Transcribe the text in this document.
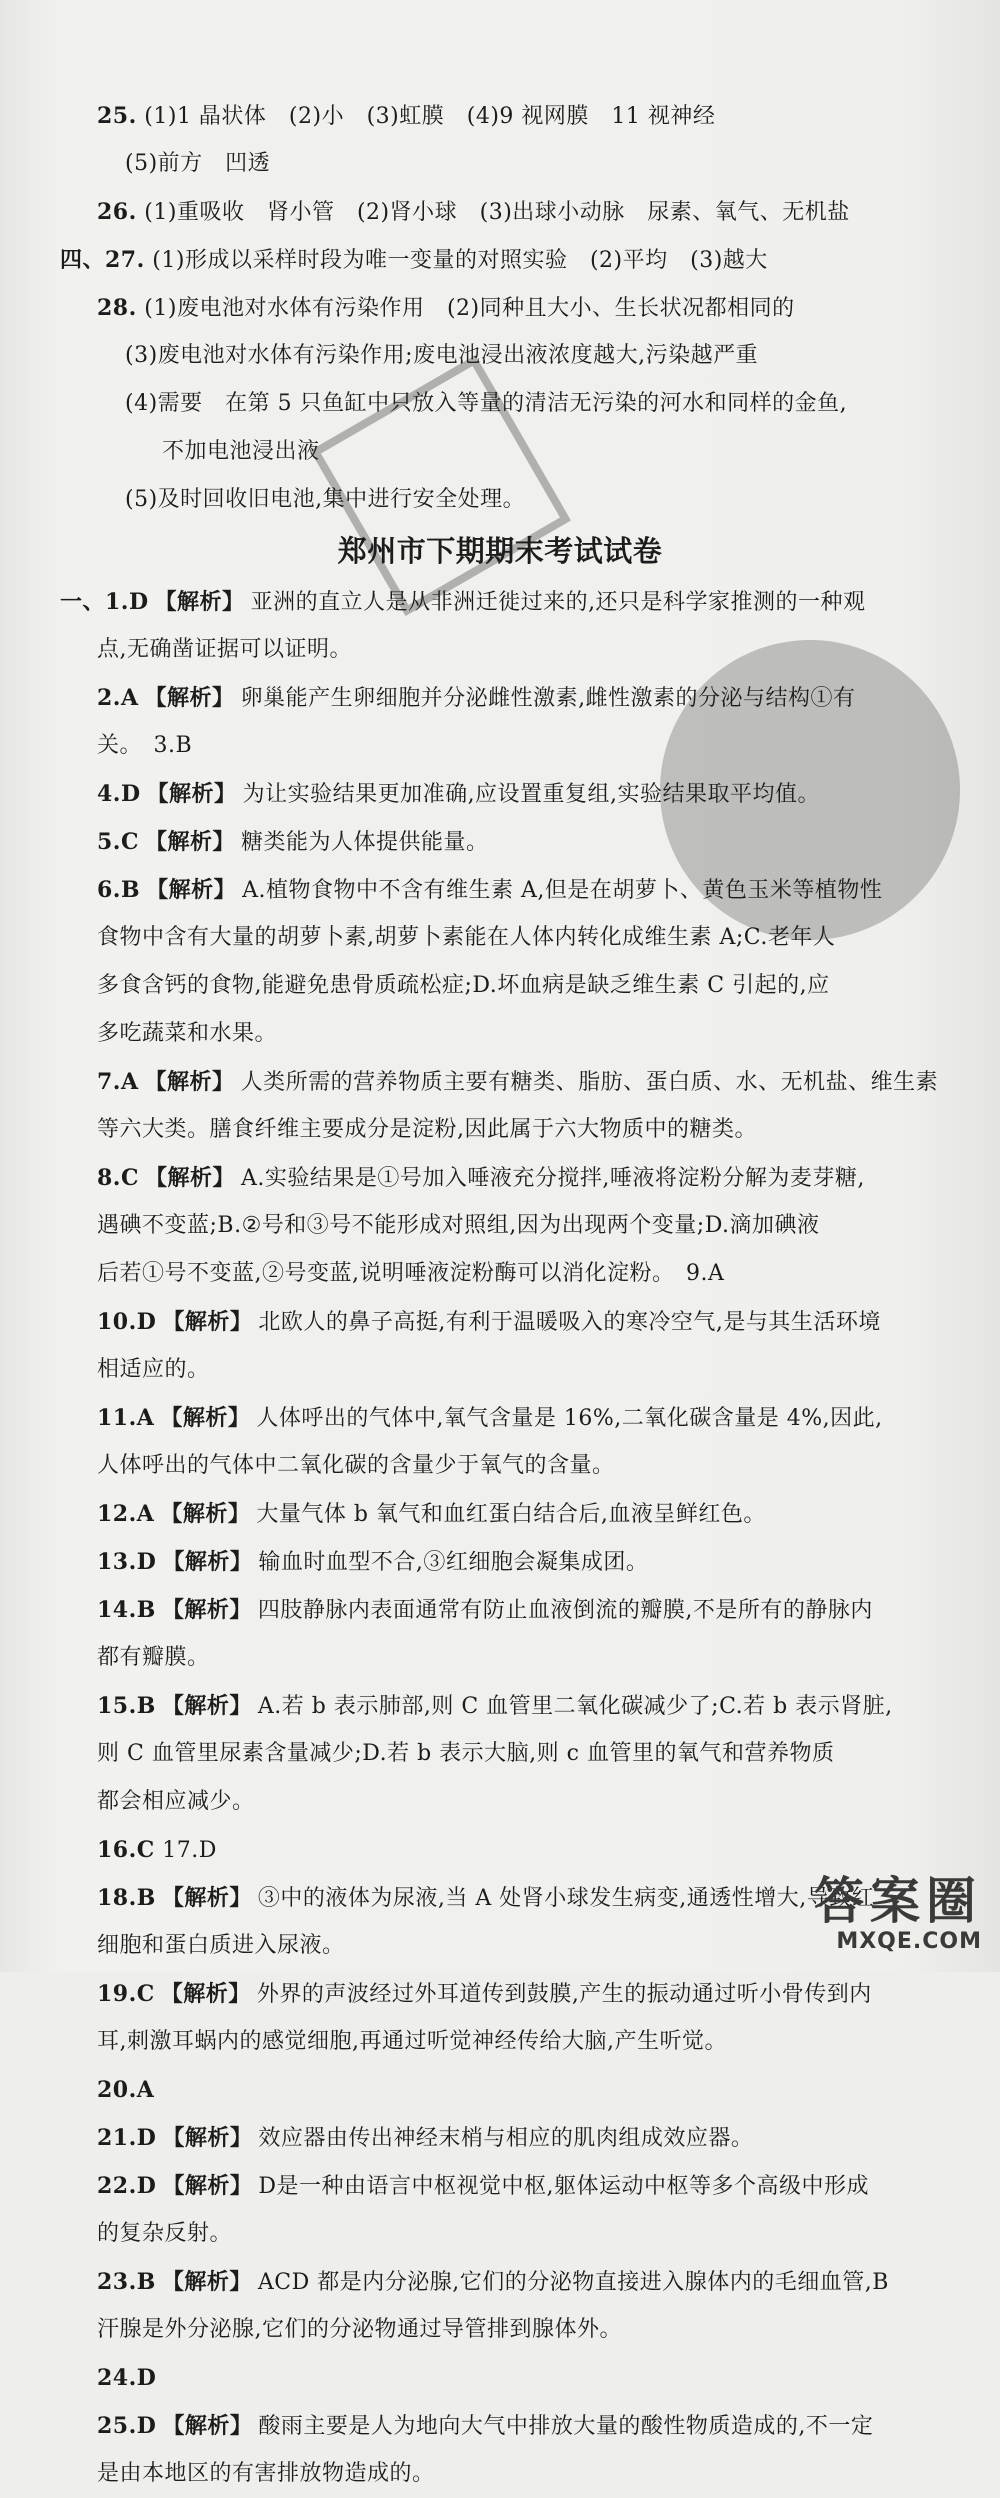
25. (1)1 晶状体　(2)小　(3)虹膜　(4)9 视网膜　11 视神经
(5)前方　凹透
26. (1)重吸收　肾小管　(2)肾小球　(3)出球小动脉　尿素、氧气、无机盐
四、27. (1)形成以采样时段为唯一变量的对照实验　(2)平均　(3)越大
28. (1)废电池对水体有污染作用　(2)同种且大小、生长状况都相同的
(3)废电池对水体有污染作用;废电池浸出液浓度越大,污染越严重
(4)需要　在第 5 只鱼缸中只放入等量的清洁无污染的河水和同样的金鱼,
不加电池浸出液
(5)及时回收旧电池,集中进行安全处理。
郑州市下期期末考试试卷
一、1.D 【解析】 亚洲的直立人是从非洲迁徙过来的,还只是科学家推测的一种观
点,无确凿证据可以证明。
2.A 【解析】 卵巢能产生卵细胞并分泌雌性激素,雌性激素的分泌与结构①有
关。　3.B
4.D 【解析】 为让实验结果更加准确,应设置重复组,实验结果取平均值。
5.C 【解析】 糖类能为人体提供能量。
6.B 【解析】 A.植物食物中不含有维生素 A,但是在胡萝卜、黄色玉米等植物性
食物中含有大量的胡萝卜素,胡萝卜素能在人体内转化成维生素 A;C.老年人
多食含钙的食物,能避免患骨质疏松症;D.坏血病是缺乏维生素 C 引起的,应
多吃蔬菜和水果。
7.A 【解析】 人类所需的营养物质主要有糖类、脂肪、蛋白质、水、无机盐、维生素
等六大类。膳食纤维主要成分是淀粉,因此属于六大物质中的糖类。
8.C 【解析】 A.实验结果是①号加入唾液充分搅拌,唾液将淀粉分解为麦芽糖,
遇碘不变蓝;B.②号和③号不能形成对照组,因为出现两个变量;D.滴加碘液
后若①号不变蓝,②号变蓝,说明唾液淀粉酶可以消化淀粉。　9.A
10.D 【解析】 北欧人的鼻子高挺,有利于温暖吸入的寒冷空气,是与其生活环境
相适应的。
11.A 【解析】 人体呼出的气体中,氧气含量是 16%,二氧化碳含量是 4%,因此,
人体呼出的气体中二氧化碳的含量少于氧气的含量。
12.A 【解析】 大量气体 b 氧气和血红蛋白结合后,血液呈鲜红色。
13.D 【解析】 输血时血型不合,③红细胞会凝集成团。
14.B 【解析】 四肢静脉内表面通常有防止血液倒流的瓣膜,不是所有的静脉内
都有瓣膜。
15.B 【解析】 A.若 b 表示肺部,则 C 血管里二氧化碳减少了;C.若 b 表示肾脏,
则 C 血管里尿素含量减少;D.若 b 表示大脑,则 c 血管里的氧气和营养物质
都会相应减少。
16.C 17.D
18.B 【解析】 ③中的液体为尿液,当 A 处肾小球发生病变,通透性增大,导致红
细胞和蛋白质进入尿液。
19.C 【解析】 外界的声波经过外耳道传到鼓膜,产生的振动通过听小骨传到内
耳,刺激耳蜗内的感觉细胞,再通过听觉神经传给大脑,产生听觉。
20.A
21.D 【解析】 效应器由传出神经末梢与相应的肌肉组成效应器。
22.D 【解析】 D是一种由语言中枢视觉中枢,躯体运动中枢等多个高级中形成
的复杂反射。
23.B 【解析】 ACD 都是内分泌腺,它们的分泌物直接进入腺体内的毛细血管,B
汗腺是外分泌腺,它们的分泌物通过导管排到腺体外。
24.D
25.D 【解析】 酸雨主要是人为地向大气中排放大量的酸性物质造成的,不一定
是由本地区的有害排放物造成的。
答案圈
MXQE.COM
